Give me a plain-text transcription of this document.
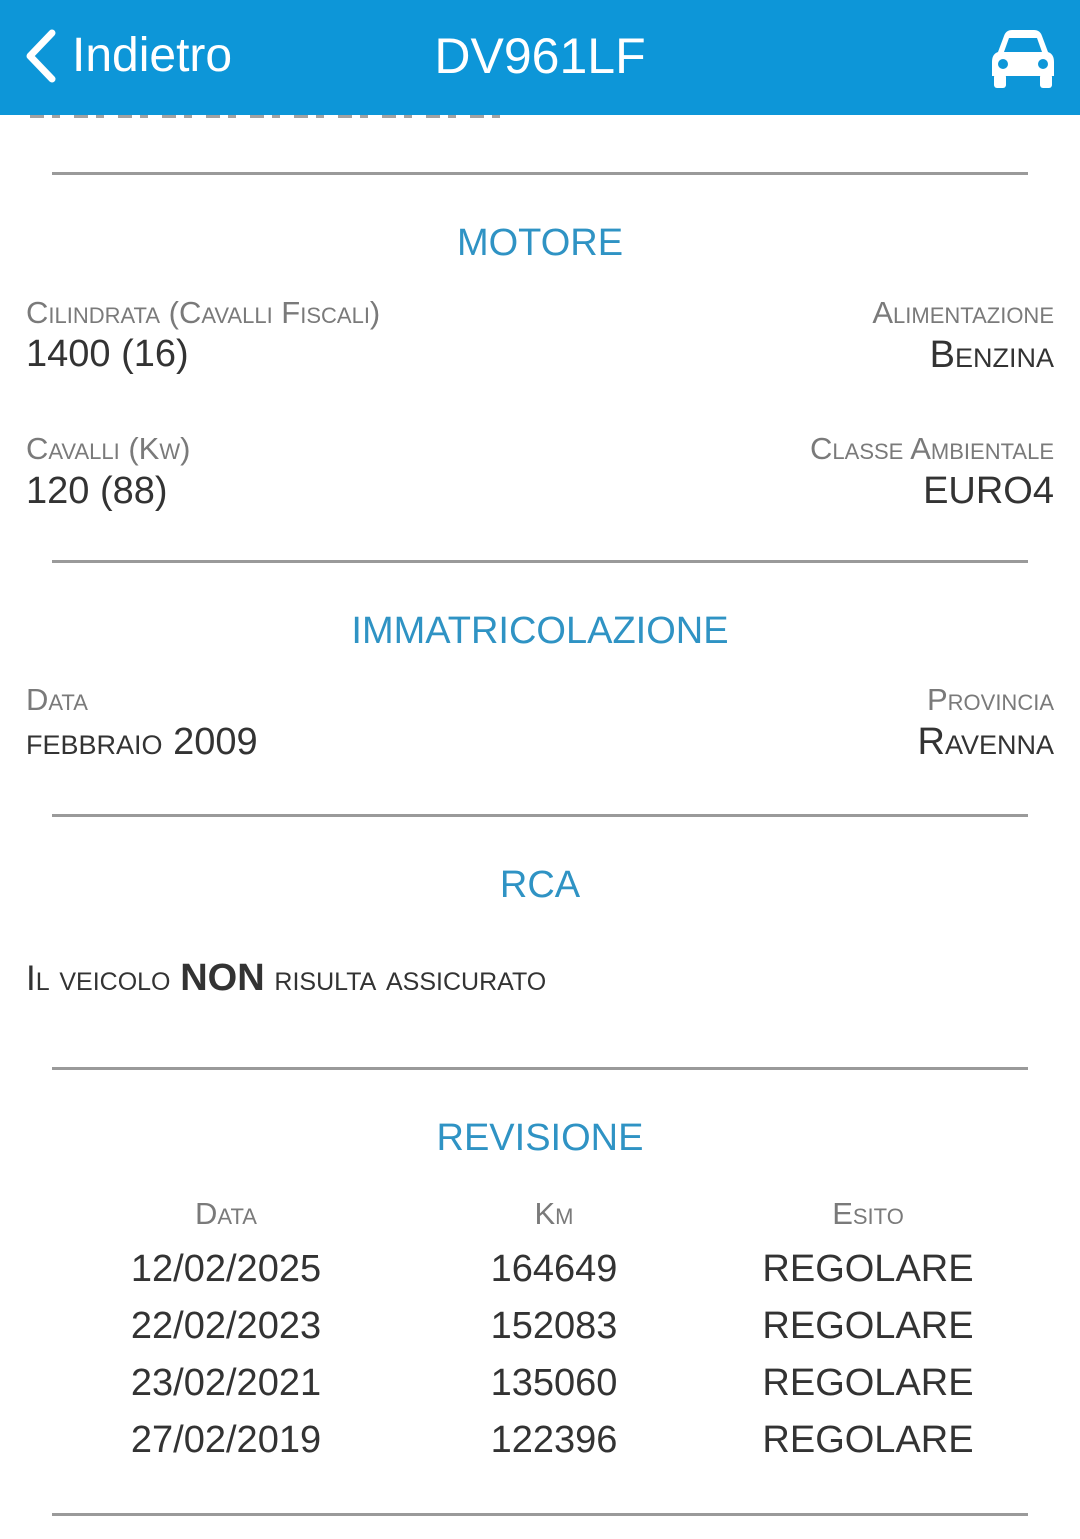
Indietro	DV961LF
MOTORE
Cilindrata (Cavalli Fiscali)
1400 (16)
Alimentazione
Benzina
Cavalli (Kw)
120 (88)
Classe Ambientale
EURO4
IMMATRICOLAZIONE
Data
febbraio 2009
Provincia
Ravenna
RCA
Il veicolo NON risulta assicurato
REVISIONE
Data
12/02/2025
22/02/2023
23/02/2021
27/02/2019
Km
164649
152083
135060
122396
Esito
REGOLARE
REGOLARE
REGOLARE
REGOLARE
